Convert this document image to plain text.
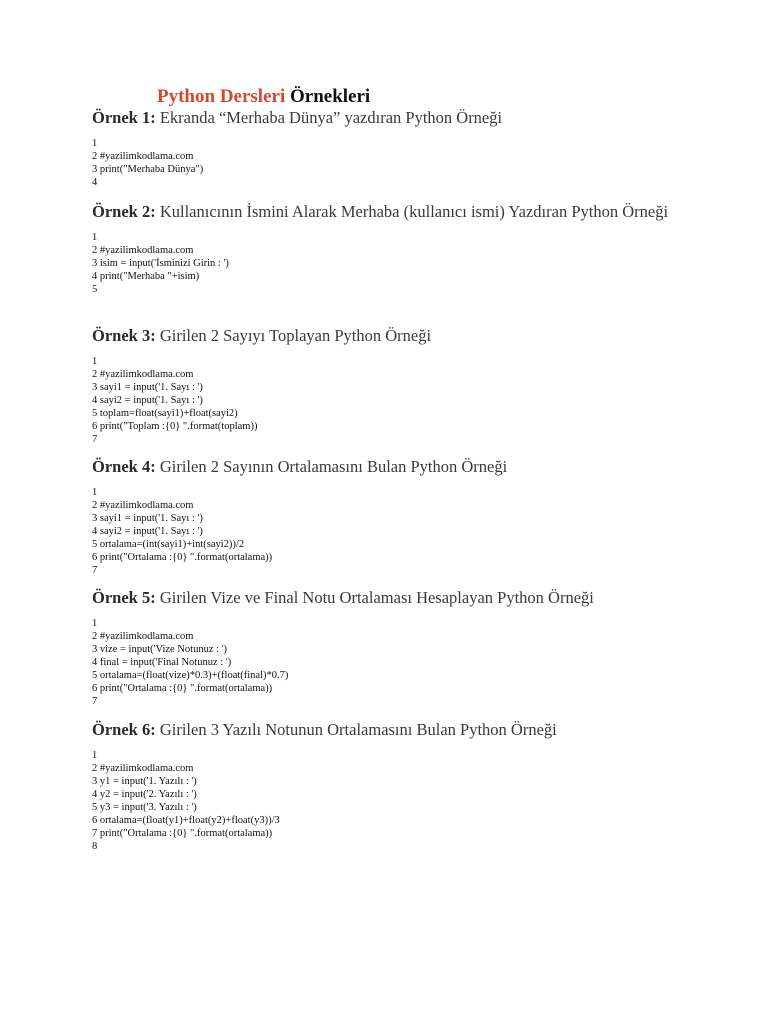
Python Dersleri Örnekleri
Örnek 1: Ekranda “Merhaba Dünya” yazdıran Python Örneği
1
2 #yazilimkodlama.com
3 print("Merhaba Dünya")
4
Örnek 2: Kullanıcının İsmini Alarak Merhaba (kullanıcı ismi) Yazdıran Python Örneği
1
2 #yazilimkodlama.com
3 isim = input('İsminizi Girin : ')
4 print("Merhaba "+isim)
5
Örnek 3: Girilen 2 Sayıyı Toplayan Python Örneği
1
2 #yazilimkodlama.com
3 sayi1 = input('1. Sayı : ')
4 sayi2 = input('1. Sayı : ')
5 toplam=float(sayi1)+float(sayi2)
6 print("Toplam :{0} ".format(toplam))
7
Örnek 4: Girilen 2 Sayının Ortalamasını Bulan Python Örneği
1
2 #yazilimkodlama.com
3 sayi1 = input('1. Sayı : ')
4 sayi2 = input('1. Sayı : ')
5 ortalama=(int(sayi1)+int(sayi2))/2
6 print("Ortalama :{0} ".format(ortalama))
7
Örnek 5: Girilen Vize ve Final Notu Ortalaması Hesaplayan Python Örneği
1
2 #yazilimkodlama.com
3 vize = input('Vize Notunuz : ')
4 final = input('Final Notunuz : ')
5 ortalama=(float(vize)*0.3)+(float(final)*0.7)
6 print("Ortalama :{0} ".format(ortalama))
7
Örnek 6: Girilen 3 Yazılı Notunun Ortalamasını Bulan Python Örneği
1
2 #yazilimkodlama.com
3 y1 = input('1. Yazılı : ')
4 y2 = input('2. Yazılı : ')
5 y3 = input('3. Yazılı : ')
6 ortalama=(float(y1)+float(y2)+float(y3))/3
7 print("Ortalama :{0} ".format(ortalama))
8
